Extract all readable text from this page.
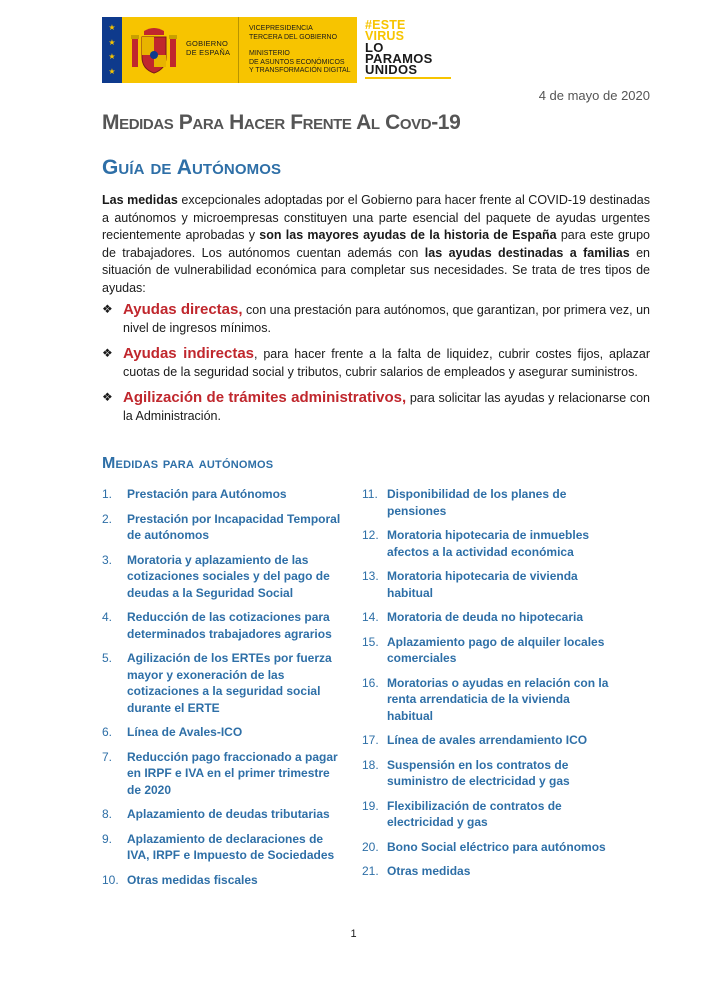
★
★
★
★
GOBIERNO DE ESPAÑA
VICEPRESIDENCIA
TERCERA DEL GOBIERNO
MINISTERIO
DE ASUNTOS ECONÓMICOS
Y TRANSFORMACIÓN DIGITAL
#ESTE
VIRUS
LO
PARAMOS
UNIDOS
4 de mayo de 2020
Medidas Para Hacer Frente Al Covd-19
Guía de Autónomos

Las medidas excepcionales adoptadas por el Gobierno para hacer frente al COVID-19 destinadas a autónomos y microempresas constituyen una parte esencial del paquete de ayudas urgentes recientemente aprobadas y son las mayores ayudas de la historia de España para este grupo de trabajadores. Los autónomos cuentan además con las ayudas destinadas a familias en situación de vulnerabilidad económica para completar sus necesidades. Se trata de tres tipos de ayudas:

❖ Ayudas directas, con una prestación para autónomos, que garantizan, por primera vez, un nivel de ingresos mínimos.
❖ Ayudas indirectas, para hacer frente a la falta de liquidez, cubrir costes fijos, aplazar cuotas de la seguridad social y tributos, cubrir salarios de empleados y asegurar suministros.
❖ Agilización de trámites administrativos, para solicitar las ayudas y relacionarse con la Administración.
Medidas para autónomos
1. Prestación para Autónomos
2. Prestación por Incapacidad Temporal de autónomos
3. Moratoria y aplazamiento de las cotizaciones sociales y del pago de deudas a la Seguridad Social
4. Reducción de las cotizaciones para determinados trabajadores agrarios
5. Agilización de los ERTEs por fuerza mayor y exoneración de las cotizaciones a la seguridad social durante el ERTE
6. Línea de Avales-ICO
7. Reducción pago fraccionado a pagar en IRPF e IVA en el primer trimestre de 2020
8. Aplazamiento de deudas tributarias
9. Aplazamiento de declaraciones de IVA, IRPF e Impuesto de Sociedades
10. Otras medidas fiscales
11. Disponibilidad de los planes de pensiones
12. Moratoria hipotecaria de inmuebles afectos a la actividad económica
13. Moratoria hipotecaria de vivienda habitual
14. Moratoria de deuda no hipotecaria
15. Aplazamiento pago de alquiler locales comerciales
16. Moratorias o ayudas en relación con la renta arrendaticia de la vivienda habitual
17. Línea de avales arrendamiento ICO
18. Suspensión en los contratos de suministro de electricidad y gas
19. Flexibilización de contratos de electricidad y gas
20. Bono Social eléctrico para autónomos
21. Otras medidas
1
